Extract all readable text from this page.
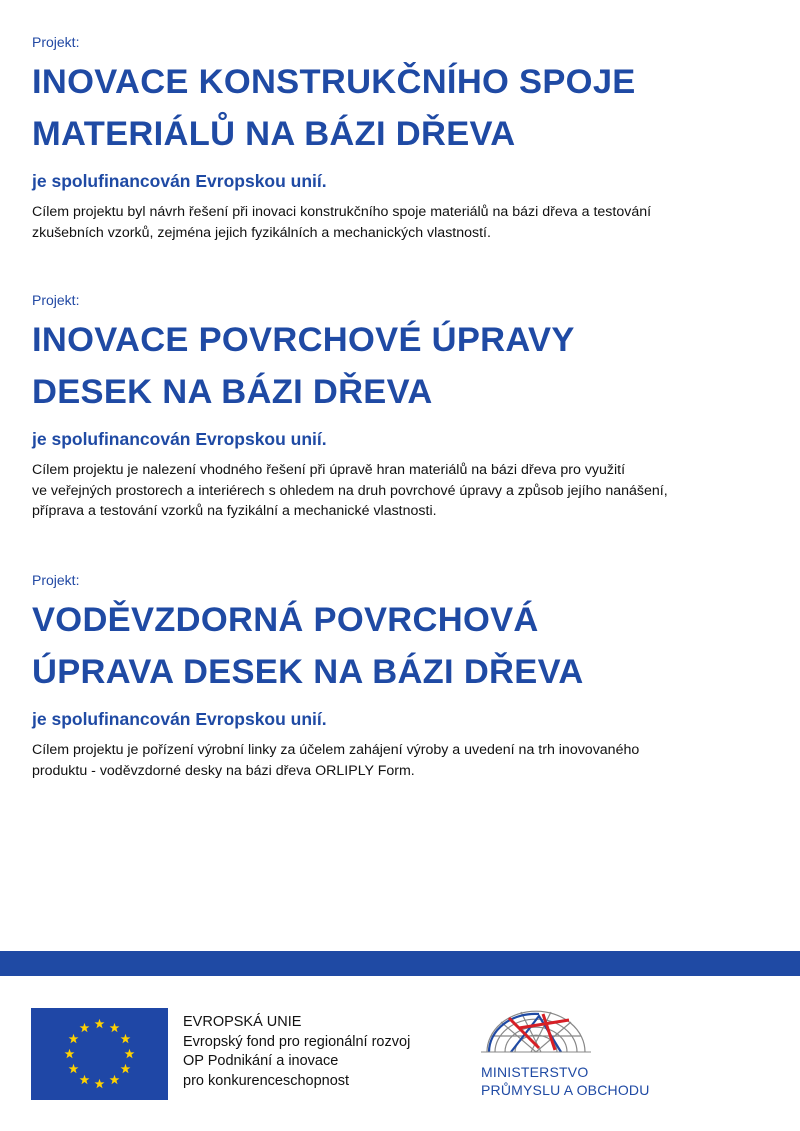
Projekt:

INOVACE KONSTRUKČNÍHO SPOJE
MATERIÁLŮ NA BÁZI DŘEVA

je spolufinancován Evropskou unií.

Cílem projektu byl návrh řešení při inovaci konstrukčního spoje materiálů na bázi dřeva a testování
zkušebních vzorků, zejména jejich fyzikálních a mechanických vlastností.

Projekt:

INOVACE POVRCHOVÉ ÚPRAVY
DESEK NA BÁZI DŘEVA

je spolufinancován Evropskou unií.

Cílem projektu je nalezení vhodného řešení při úpravě hran materiálů na bázi dřeva pro využití
ve veřejných prostorech a interiérech s ohledem na druh povrchové úpravy a způsob jejího nanášení,
příprava a testování vzorků na fyzikální a mechanické vlastnosti.

Projekt:

VODĚVZDORNÁ POVRCHOVÁ
ÚPRAVA DESEK NA BÁZI DŘEVA

je spolufinancován Evropskou unií.

Cílem projektu je pořízení výrobní linky za účelem zahájení výroby a uvedení na trh inovovaného
produktu - voděvzdorné desky na bázi dřeva ORLIPLY Form.

EVROPSKÁ UNIE
Evropský fond pro regionální rozvoj
OP Podnikání a inovace
pro konkurenceschopnost
MINISTERSTVO
PRŮMYSLU A OBCHODU
